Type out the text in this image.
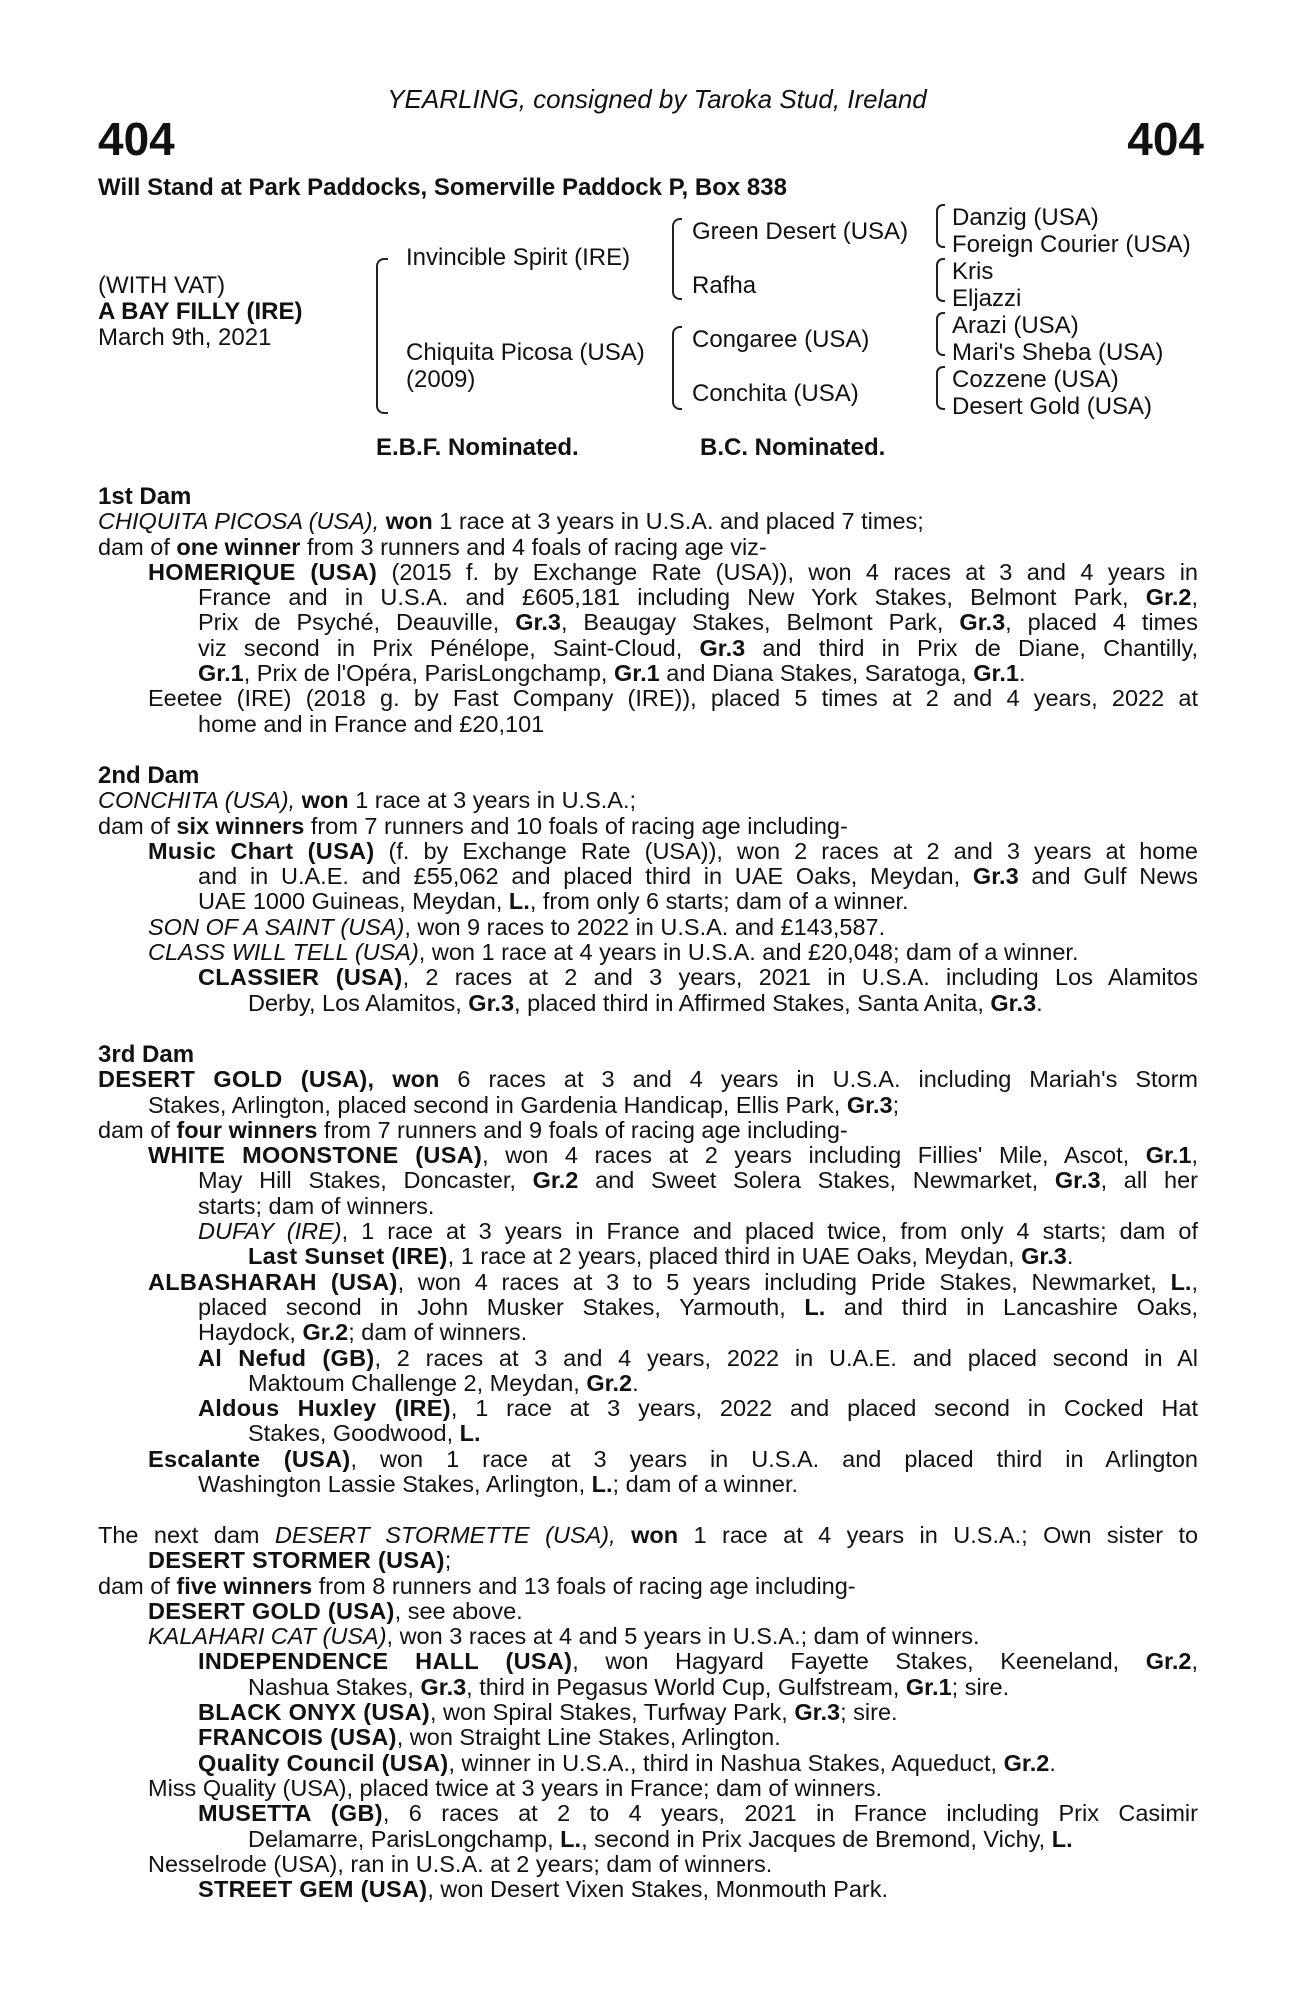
YEARLING, consigned by Taroka Stud, Ireland
404	404
Will Stand at Park Paddocks, Somerville Paddock P, Box 838
(WITH VAT)
A BAY FILLY (IRE)
March 9th, 2021
Invincible Spirit (IRE)
Chiquita Picosa (USA)
(2009)
Green Desert (USA)
Rafha
Congaree (USA)
Conchita (USA)
Danzig (USA)
Foreign Courier (USA)
Kris
Eljazzi
Arazi (USA)
Mari's Sheba (USA)
Cozzene (USA)
Desert Gold (USA)
E.B.F. Nominated.	B.C. Nominated.
1st Dam
CHIQUITA PICOSA (USA), won 1 race at 3 years in U.S.A. and placed 7 times;
dam of one winner from 3 runners and 4 foals of racing age viz-
HOMERIQUE (USA) (2015 f. by Exchange Rate (USA)), won 4 races at 3 and 4 years in
France and in U.S.A. and £605,181 including New York Stakes, Belmont Park, Gr.2,
Prix de Psyché, Deauville, Gr.3, Beaugay Stakes, Belmont Park, Gr.3, placed 4 times
viz second in Prix Pénélope, Saint-Cloud, Gr.3 and third in Prix de Diane, Chantilly,
Gr.1, Prix de l'Opéra, ParisLongchamp, Gr.1 and Diana Stakes, Saratoga, Gr.1.
Eeetee (IRE) (2018 g. by Fast Company (IRE)), placed 5 times at 2 and 4 years, 2022 at
home and in France and £20,101
2nd Dam
CONCHITA (USA), won 1 race at 3 years in U.S.A.;
dam of six winners from 7 runners and 10 foals of racing age including-
Music Chart (USA) (f. by Exchange Rate (USA)), won 2 races at 2 and 3 years at home
and in U.A.E. and £55,062 and placed third in UAE Oaks, Meydan, Gr.3 and Gulf News
UAE 1000 Guineas, Meydan, L., from only 6 starts; dam of a winner.
SON OF A SAINT (USA), won 9 races to 2022 in U.S.A. and £143,587.
CLASS WILL TELL (USA), won 1 race at 4 years in U.S.A. and £20,048; dam of a winner.
CLASSIER (USA), 2 races at 2 and 3 years, 2021 in U.S.A. including Los Alamitos
Derby, Los Alamitos, Gr.3, placed third in Affirmed Stakes, Santa Anita, Gr.3.
3rd Dam
DESERT GOLD (USA), won 6 races at 3 and 4 years in U.S.A. including Mariah's Storm
Stakes, Arlington, placed second in Gardenia Handicap, Ellis Park, Gr.3;
dam of four winners from 7 runners and 9 foals of racing age including-
WHITE MOONSTONE (USA), won 4 races at 2 years including Fillies' Mile, Ascot, Gr.1,
May Hill Stakes, Doncaster, Gr.2 and Sweet Solera Stakes, Newmarket, Gr.3, all her
starts; dam of winners.
DUFAY (IRE), 1 race at 3 years in France and placed twice, from only 4 starts; dam of
Last Sunset (IRE), 1 race at 2 years, placed third in UAE Oaks, Meydan, Gr.3.
ALBASHARAH (USA), won 4 races at 3 to 5 years including Pride Stakes, Newmarket, L.,
placed second in John Musker Stakes, Yarmouth, L. and third in Lancashire Oaks,
Haydock, Gr.2; dam of winners.
Al Nefud (GB), 2 races at 3 and 4 years, 2022 in U.A.E. and placed second in Al
Maktoum Challenge 2, Meydan, Gr.2.
Aldous Huxley (IRE), 1 race at 3 years, 2022 and placed second in Cocked Hat
Stakes, Goodwood, L.
Escalante (USA), won 1 race at 3 years in U.S.A. and placed third in Arlington
Washington Lassie Stakes, Arlington, L.; dam of a winner.
The next dam DESERT STORMETTE (USA), won 1 race at 4 years in U.S.A.; Own sister to
DESERT STORMER (USA);
dam of five winners from 8 runners and 13 foals of racing age including-
DESERT GOLD (USA), see above.
KALAHARI CAT (USA), won 3 races at 4 and 5 years in U.S.A.; dam of winners.
INDEPENDENCE HALL (USA), won Hagyard Fayette Stakes, Keeneland, Gr.2,
Nashua Stakes, Gr.3, third in Pegasus World Cup, Gulfstream, Gr.1; sire.
BLACK ONYX (USA), won Spiral Stakes, Turfway Park, Gr.3; sire.
FRANCOIS (USA), won Straight Line Stakes, Arlington.
Quality Council (USA), winner in U.S.A., third in Nashua Stakes, Aqueduct, Gr.2.
Miss Quality (USA), placed twice at 3 years in France; dam of winners.
MUSETTA (GB), 6 races at 2 to 4 years, 2021 in France including Prix Casimir
Delamarre, ParisLongchamp, L., second in Prix Jacques de Bremond, Vichy, L.
Nesselrode (USA), ran in U.S.A. at 2 years; dam of winners.
STREET GEM (USA), won Desert Vixen Stakes, Monmouth Park.
